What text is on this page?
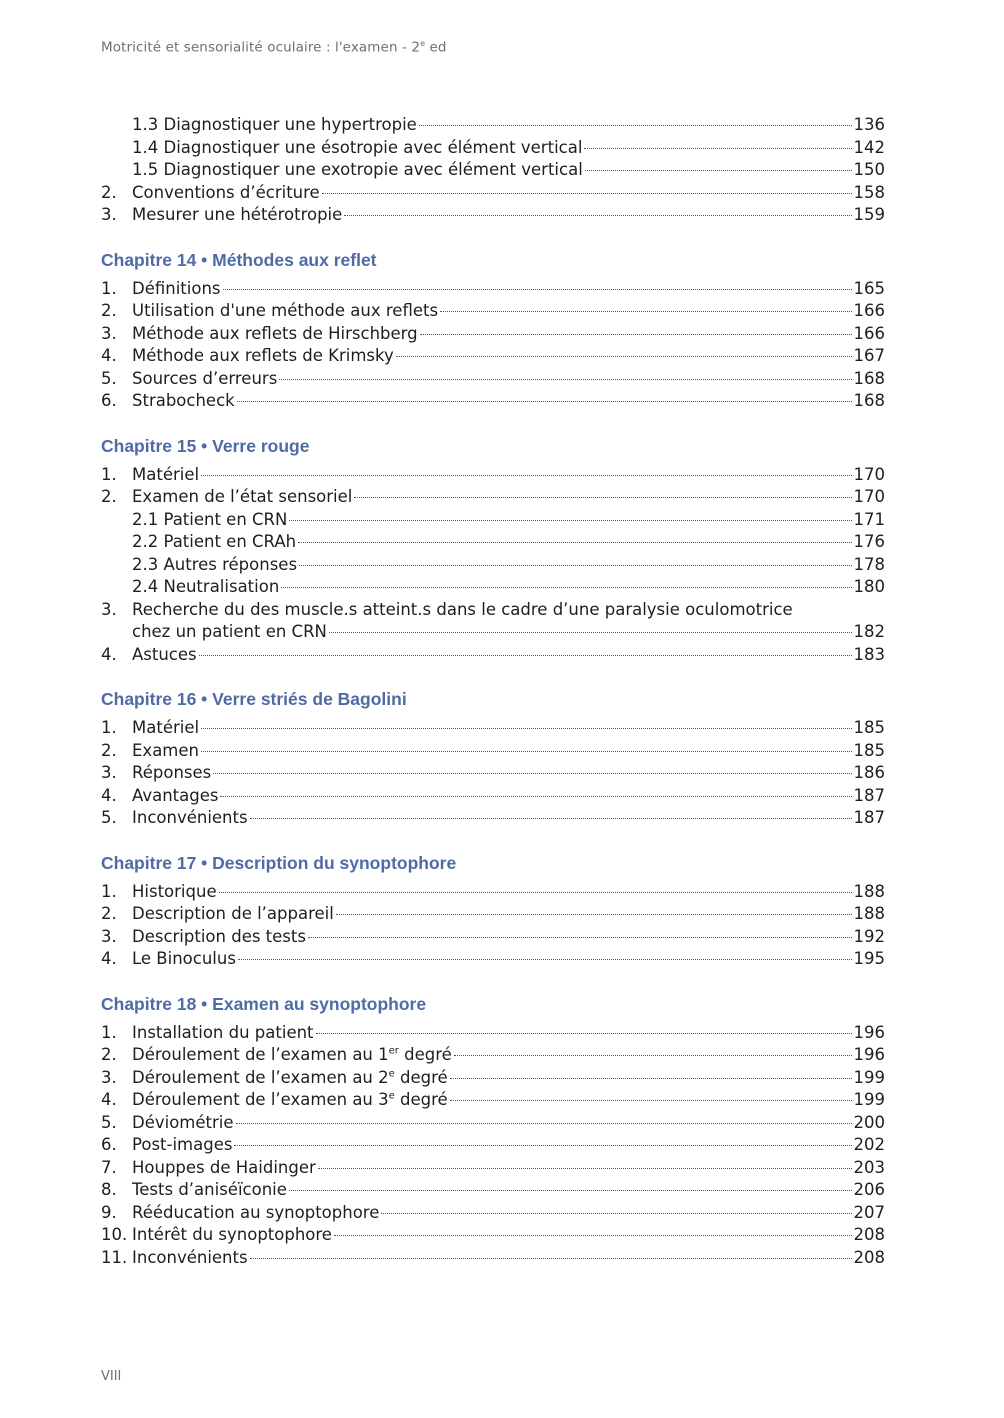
Motricité et sensorialité oculaire : l'examen - 2e ed
1.3 Diagnostiquer une hypertropie	136
1.4 Diagnostiquer une ésotropie avec élément vertical	142
1.5 Diagnostiquer une exotropie avec élément vertical	150
2. Conventions d’écriture	158
3. Mesurer une hétérotropie	159
Chapitre 14 • Méthodes aux reflet
1. Définitions	165
2. Utilisation d'une méthode aux reflets	166
3. Méthode aux reflets de Hirschberg	166
4. Méthode aux reflets de Krimsky	167
5. Sources d’erreurs	168
6. Strabocheck	168
Chapitre 15 • Verre rouge
1. Matériel	170
2. Examen de l’état sensoriel	170
2.1 Patient en CRN	171
2.2 Patient en CRAh	176
2.3 Autres réponses	178
2.4 Neutralisation	180
3. Recherche du des muscle.s atteint.s dans le cadre d’une paralysie oculomotrice
chez un patient en CRN	182
4. Astuces	183
Chapitre 16 • Verre striés de Bagolini
1. Matériel	185
2. Examen	185
3. Réponses	186
4. Avantages	187
5. Inconvénients	187
Chapitre 17 • Description du synoptophore
1. Historique	188
2. Description de l’appareil	188
3. Description des tests	192
4. Le Binoculus	195
Chapitre 18 • Examen au synoptophore
1. Installation du patient	196
2. Déroulement de l’examen au 1er degré	196
3. Déroulement de l’examen au 2e degré	199
4. Déroulement de l’examen au 3e degré	199
5. Déviométrie	200
6. Post-images	202
7. Houppes de Haidinger	203
8. Tests d’aniséïconie	206
9. Rééducation au synoptophore	207
10. Intérêt du synoptophore	208
11. Inconvénients	208
VIII
